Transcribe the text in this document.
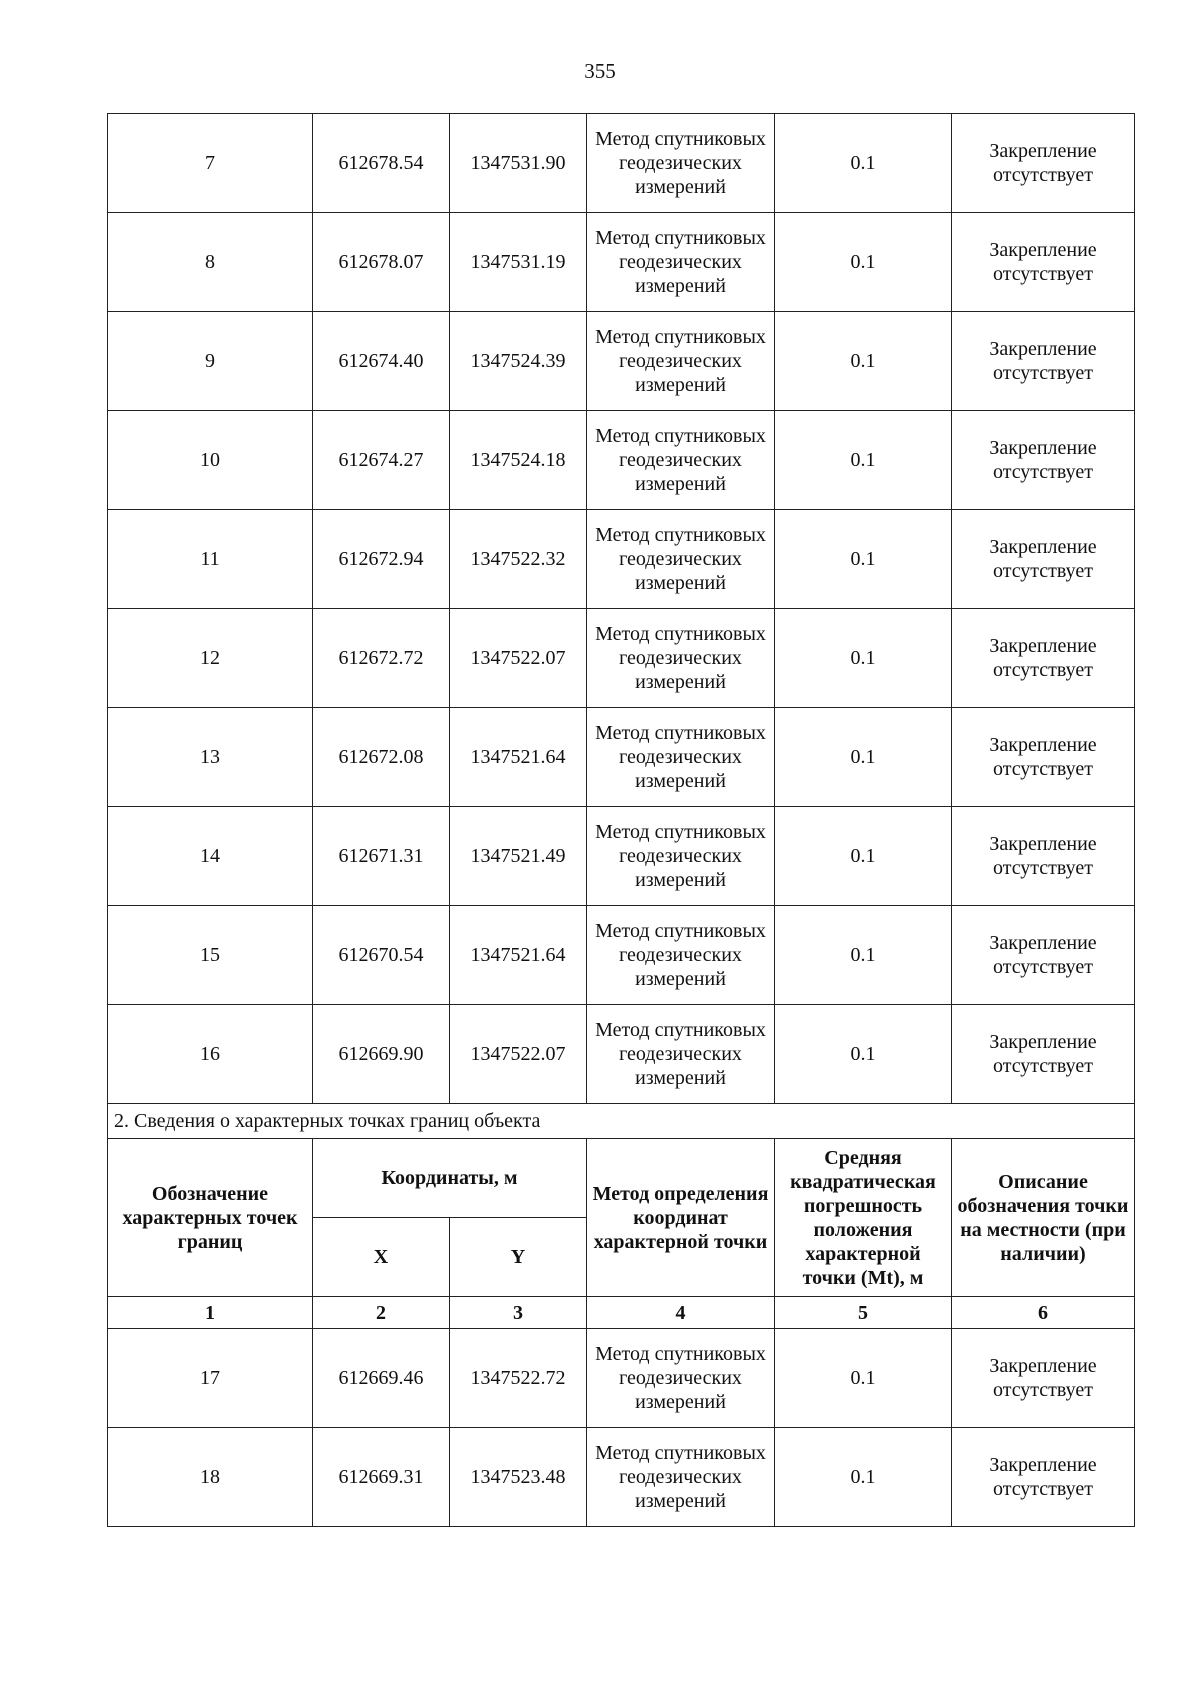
355
7	612678.54	1347531.90	Метод спутниковых геодезических измерений	0.1	Закрепление отсутствует
8	612678.07	1347531.19	Метод спутниковых геодезических измерений	0.1	Закрепление отсутствует
9	612674.40	1347524.39	Метод спутниковых геодезических измерений	0.1	Закрепление отсутствует
10	612674.27	1347524.18	Метод спутниковых геодезических измерений	0.1	Закрепление отсутствует
11	612672.94	1347522.32	Метод спутниковых геодезических измерений	0.1	Закрепление отсутствует
12	612672.72	1347522.07	Метод спутниковых геодезических измерений	0.1	Закрепление отсутствует
13	612672.08	1347521.64	Метод спутниковых геодезических измерений	0.1	Закрепление отсутствует
14	612671.31	1347521.49	Метод спутниковых геодезических измерений	0.1	Закрепление отсутствует
15	612670.54	1347521.64	Метод спутниковых геодезических измерений	0.1	Закрепление отсутствует
16	612669.90	1347522.07	Метод спутниковых геодезических измерений	0.1	Закрепление отсутствует
2. Сведения о характерных точках границ объекта					
Обозначение характерных точек границ	Координаты, м		Метод определения координат характерной точки	Средняя квадратическая погрешность положения характерной точки (Mt), м	Описание обозначения точки на местности (при наличии)
	X	Y			
1	2	3	4	5	6
17	612669.46	1347522.72	Метод спутниковых геодезических измерений	0.1	Закрепление отсутствует
18	612669.31	1347523.48	Метод спутниковых геодезических измерений	0.1	Закрепление отсутствует
